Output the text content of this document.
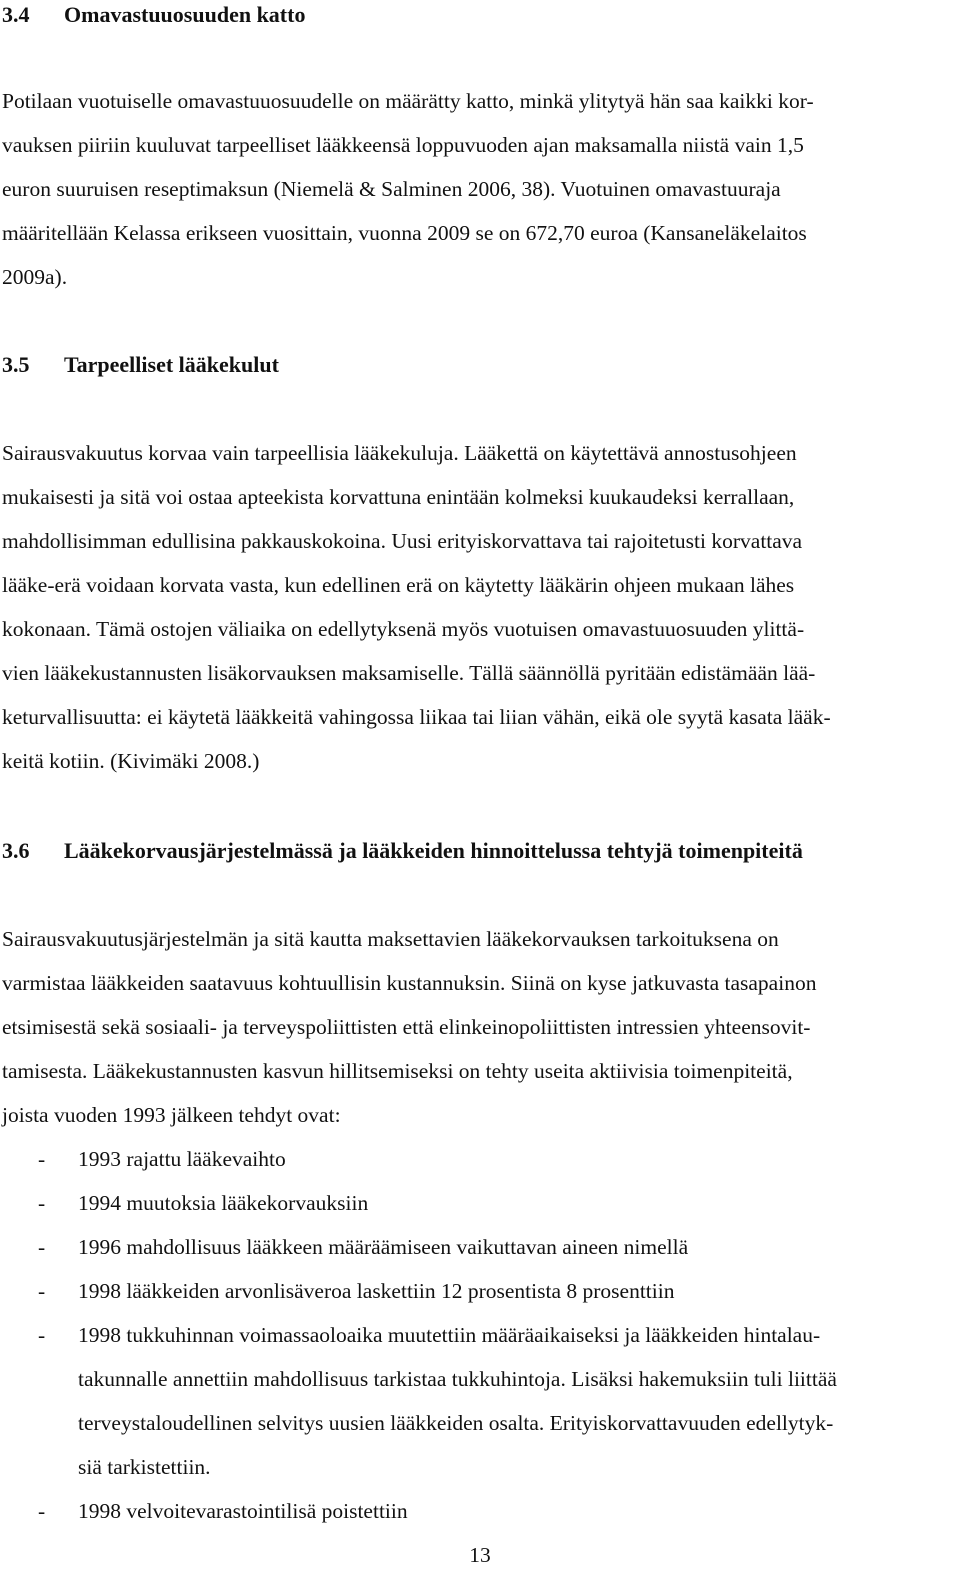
3.4 Omavastuuosuuden katto
Potilaan vuotuiselle omavastuuosuudelle on määrätty katto, minkä ylitytyä hän saa kaikki kor-
vauksen piiriin kuuluvat tarpeelliset lääkkeensä loppuvuoden ajan maksamalla niistä vain 1,5
euron suuruisen reseptimaksun (Niemelä & Salminen 2006, 38). Vuotuinen omavastuuraja
määritellään Kelassa erikseen vuosittain, vuonna 2009 se on 672,70 euroa (Kansaneläkelaitos
2009a).
3.5 Tarpeelliset lääkekulut
Sairausvakuutus korvaa vain tarpeellisia lääkekuluja. Lääkettä on käytettävä annostusohjeen
mukaisesti ja sitä voi ostaa apteekista korvattuna enintään kolmeksi kuukaudeksi kerrallaan,
mahdollisimman edullisina pakkauskokoina. Uusi erityiskorvattava tai rajoitetusti korvattava
lääke-erä voidaan korvata vasta, kun edellinen erä on käytetty lääkärin ohjeen mukaan lähes
kokonaan. Tämä ostojen väliaika on edellytyksenä myös vuotuisen omavastuuosuuden ylittä-
vien lääkekustannusten lisäkorvauksen maksamiselle. Tällä säännöllä pyritään edistämään lää-
keturvallisuutta: ei käytetä lääkkeitä vahingossa liikaa tai liian vähän, eikä ole syytä kasata lääk-
keitä kotiin. (Kivimäki 2008.)
3.6 Lääkekorvausjärjestelmässä ja lääkkeiden hinnoittelussa tehtyjä toimenpiteitä
Sairausvakuutusjärjestelmän ja sitä kautta maksettavien lääkekorvauksen tarkoituksena on
varmistaa lääkkeiden saatavuus kohtuullisin kustannuksin. Siinä on kyse jatkuvasta tasapainon
etsimisestä sekä sosiaali- ja terveyspoliittisten että elinkeinopoliittisten intressien yhteensovit-
tamisesta. Lääkekustannusten kasvun hillitsemiseksi on tehty useita aktiivisia toimenpiteitä,
joista vuoden 1993 jälkeen tehdyt ovat:
- 1993 rajattu lääkevaihto
- 1994 muutoksia lääkekorvauksiin
- 1996 mahdollisuus lääkkeen määräämiseen vaikuttavan aineen nimellä
- 1998 lääkkeiden arvonlisäveroa laskettiin 12 prosentista 8 prosenttiin
- 1998 tukkuhinnan voimassaoloaika muutettiin määräaikaiseksi ja lääkkeiden hintalau-
takunnalle annettiin mahdollisuus tarkistaa tukkuhintoja. Lisäksi hakemuksiin tuli liittää
terveystaloudellinen selvitys uusien lääkkeiden osalta. Erityiskorvattavuuden edellytyk-
siä tarkistettiin.
- 1998 velvoitevarastointilisä poistettiin
13
